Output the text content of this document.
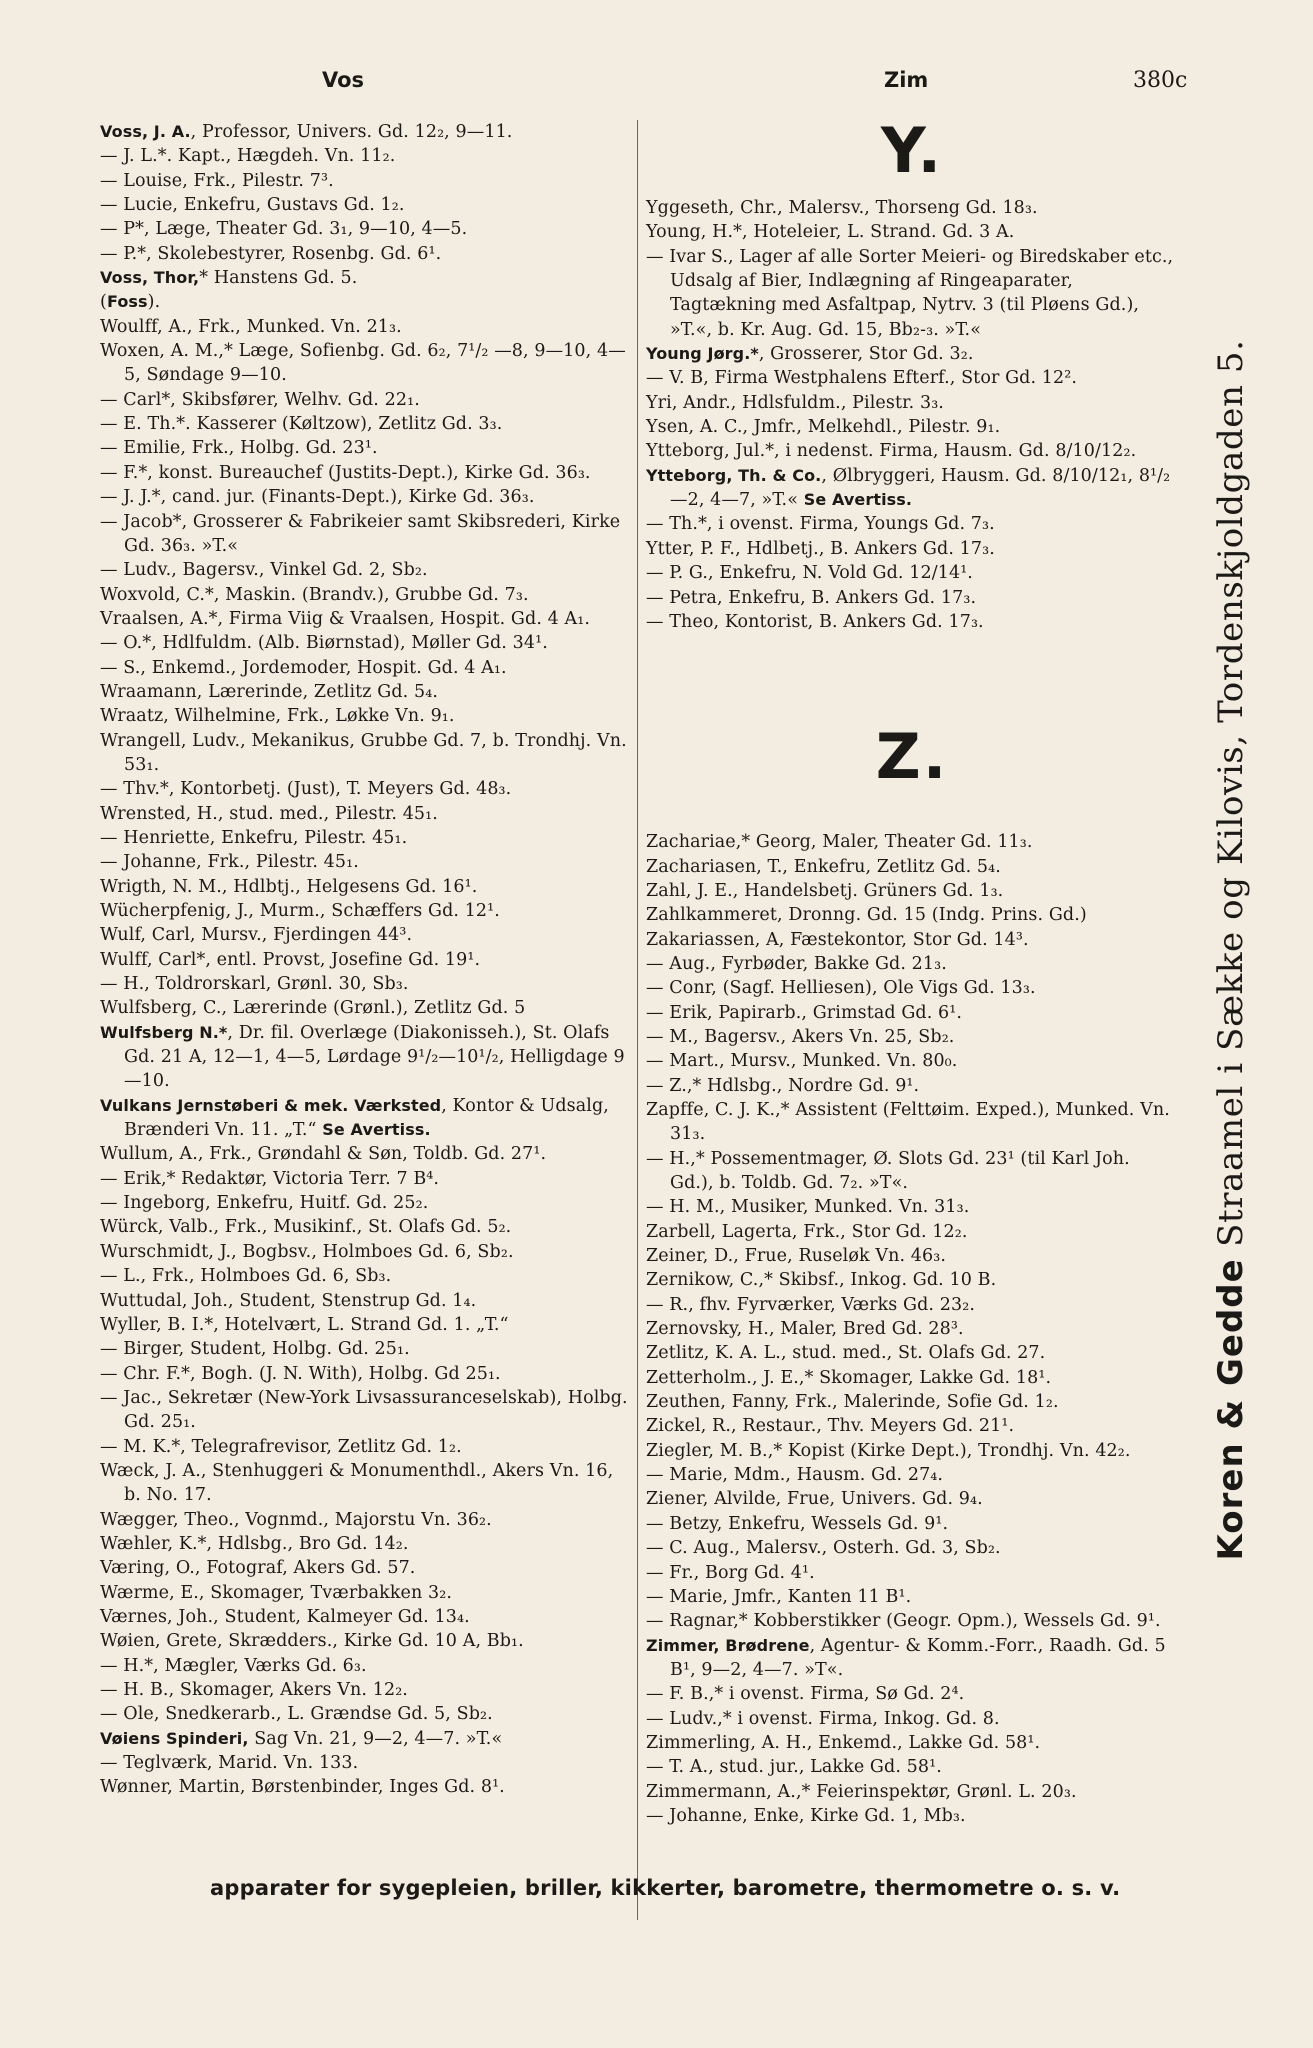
Vos	Zim	380c

Voss, J. A., Professor, Univers. Gd. 12₂, 9—11.

— J. L.*. Kapt., Hægdeh. Vn. 11₂.

— Louise, Frk., Pilestr. 7³.

— Lucie, Enkefru, Gustavs Gd. 1₂.

— P*, Læge, Theater Gd. 3₁, 9—10, 4—5.

— P.*, Skolebestyrer, Rosenbg. Gd. 6¹.

Voss, Thor,* Hanstens Gd. 5.

(Foss).

Woulff, A., Frk., Munked. Vn. 21₃.

Woxen, A. M.,* Læge, Sofienbg. Gd. 6₂, 7¹/₂ —8, 9—10, 4—5, Søndage 9—10.

— Carl*, Skibsfører, Welhv. Gd. 22₁.

— E. Th.*. Kasserer (Køltzow), Zetlitz Gd. 3₃.

— Emilie, Frk., Holbg. Gd. 23¹.

— F.*, konst. Bureauchef (Justits-Dept.), Kirke Gd. 36₃.

— J. J.*, cand. jur. (Finants-Dept.), Kirke Gd. 36₃.

— Jacob*, Grosserer & Fabrikeier samt Skibsrederi, Kirke Gd. 36₃. »T.«

— Ludv., Bagersv., Vinkel Gd. 2, Sb₂.

Woxvold, C.*, Maskin. (Brandv.), Grubbe Gd. 7₃.

Vraalsen, A.*, Firma Viig & Vraalsen, Hospit. Gd. 4 A₁.

— O.*, Hdlfuldm. (Alb. Biørnstad), Møller Gd. 34¹.

— S., Enkemd., Jordemoder, Hospit. Gd. 4 A₁.

Wraamann, Lærerinde, Zetlitz Gd. 5₄.

Wraatz, Wilhelmine, Frk., Løkke Vn. 9₁.

Wrangell, Ludv., Mekanikus, Grubbe Gd. 7, b. Trondhj. Vn. 53₁.

— Thv.*, Kontorbetj. (Just), T. Meyers Gd. 48₃.

Wrensted, H., stud. med., Pilestr. 45₁.

— Henriette, Enkefru, Pilestr. 45₁.

— Johanne, Frk., Pilestr. 45₁.

Wrigth, N. M., Hdlbtj., Helgesens Gd. 16¹.

Wücherpfenig, J., Murm., Schæffers Gd. 12¹.

Wulf, Carl, Mursv., Fjerdingen 44³.

Wulff, Carl*, entl. Provst, Josefine Gd. 19¹.

— H., Toldrorskarl, Grønl. 30, Sb₃.

Wulfsberg, C., Lærerinde (Grønl.), Zetlitz Gd. 5

Wulfsberg N.*, Dr. fil. Overlæge (Diakonisseh.), St. Olafs Gd. 21 A, 12—1, 4—5, Lørdage 9¹/₂—10¹/₂, Helligdage 9—10.

Vulkans Jernstøberi & mek. Værksted, Kontor & Udsalg, Brænderi Vn. 11. „T.“ Se Avertiss.

Wullum, A., Frk., Grøndahl & Søn, Toldb. Gd. 27¹.

— Erik,* Redaktør, Victoria Terr. 7 B⁴.

— Ingeborg, Enkefru, Huitf. Gd. 25₂.

Würck, Valb., Frk., Musikinf., St. Olafs Gd. 5₂.

Wurschmidt, J., Bogbsv., Holmboes Gd. 6, Sb₂.

— L., Frk., Holmboes Gd. 6, Sb₃.

Wuttudal, Joh., Student, Stenstrup Gd. 1₄.

Wyller, B. I.*, Hotelvært, L. Strand Gd. 1. „T.“

— Birger, Student, Holbg. Gd. 25₁.

— Chr. F.*, Bogh. (J. N. With), Holbg. Gd 25₁.

— Jac., Sekretær (New-York Livsassuranceselskab), Holbg. Gd. 25₁.

— M. K.*, Telegrafrevisor, Zetlitz Gd. 1₂.

Wæck, J. A., Stenhuggeri & Monumenthdl., Akers Vn. 16, b. No. 17.

Wægger, Theo., Vognmd., Majorstu Vn. 36₂.

Wæhler, K.*, Hdlsbg., Bro Gd. 14₂.

Væring, O., Fotograf, Akers Gd. 57.

Wærme, E., Skomager, Tværbakken 3₂.

Værnes, Joh., Student, Kalmeyer Gd. 13₄.

Wøien, Grete, Skrædders., Kirke Gd. 10 A, Bb₁.

— H.*, Mægler, Værks Gd. 6₃.

— H. B., Skomager, Akers Vn. 12₂.

— Ole, Snedkerarb., L. Grændse Gd. 5, Sb₂.

Vøiens Spinderi, Sag Vn. 21, 9—2, 4—7. »T.«

— Teglværk, Marid. Vn. 133.

Wønner, Martin, Børstenbinder, Inges Gd. 8¹.

Y.

Yggeseth, Chr., Malersv., Thorseng Gd. 18₃.

Young, H.*, Hoteleier, L. Strand. Gd. 3 A.

— Ivar S., Lager af alle Sorter Meieri- og Biredskaber etc., Udsalg af Bier, Indlægning af Ringeaparater, Tagtækning med Asfaltpap, Nytrv. 3 (til Pløens Gd.), »T.«, b. Kr. Aug. Gd. 15, Bb₂-₃. »T.«

Young Jørg.*, Grosserer, Stor Gd. 3₂.

— V. B, Firma Westphalens Efterf., Stor Gd. 12².

Yri, Andr., Hdlsfuldm., Pilestr. 3₃.

Ysen, A. C., Jmfr., Melkehdl., Pilestr. 9₁.

Ytteborg, Jul.*, i nedenst. Firma, Hausm. Gd. 8/10/12₂.

Ytteborg, Th. & Co., Ølbryggeri, Hausm. Gd. 8/10/12₁, 8¹/₂—2, 4—7, »T.« Se Avertiss.

— Th.*, i ovenst. Firma, Youngs Gd. 7₃.

Ytter, P. F., Hdlbetj., B. Ankers Gd. 17₃.

— P. G., Enkefru, N. Vold Gd. 12/14¹.

— Petra, Enkefru, B. Ankers Gd. 17₃.

— Theo, Kontorist, B. Ankers Gd. 17₃.

Z.

Zachariae,* Georg, Maler, Theater Gd. 11₃.

Zachariasen, T., Enkefru, Zetlitz Gd. 5₄.

Zahl, J. E., Handelsbetj. Grüners Gd. 1₃.

Zahlkammeret, Dronng. Gd. 15 (Indg. Prins. Gd.)

Zakariassen, A, Fæstekontor, Stor Gd. 14³.

— Aug., Fyrbøder, Bakke Gd. 21₃.

— Conr, (Sagf. Helliesen), Ole Vigs Gd. 13₃.

— Erik, Papirarb., Grimstad Gd. 6¹.

— M., Bagersv., Akers Vn. 25, Sb₂.

— Mart., Mursv., Munked. Vn. 80₀.

— Z.,* Hdlsbg., Nordre Gd. 9¹.

Zapffe, C. J. K.,* Assistent (Felttøim. Exped.), Munked. Vn. 31₃.

— H.,* Possementmager, Ø. Slots Gd. 23¹ (til Karl Joh. Gd.), b. Toldb. Gd. 7₂. »T«.

— H. M., Musiker, Munked. Vn. 31₃.

Zarbell, Lagerta, Frk., Stor Gd. 12₂.

Zeiner, D., Frue, Ruseløk Vn. 46₃.

Zernikow, C.,* Skibsf., Inkog. Gd. 10 B.

— R., fhv. Fyrværker, Værks Gd. 23₂.

Zernovsky, H., Maler, Bred Gd. 28³.

Zetlitz, K. A. L., stud. med., St. Olafs Gd. 27.

Zetterholm., J. E.,* Skomager, Lakke Gd. 18¹.

Zeuthen, Fanny, Frk., Malerinde, Sofie Gd. 1₂.

Zickel, R., Restaur., Thv. Meyers Gd. 21¹.

Ziegler, M. B.,* Kopist (Kirke Dept.), Trondhj. Vn. 42₂.

— Marie, Mdm., Hausm. Gd. 27₄.

Ziener, Alvilde, Frue, Univers. Gd. 9₄.

— Betzy, Enkefru, Wessels Gd. 9¹.

— C. Aug., Malersv., Osterh. Gd. 3, Sb₂.

— Fr., Borg Gd. 4¹.

— Marie, Jmfr., Kanten 11 B¹.

— Ragnar,* Kobberstikker (Geogr. Opm.), Wessels Gd. 9¹.

Zimmer, Brødrene, Agentur- & Komm.-Forr., Raadh. Gd. 5 B¹, 9—2, 4—7. »T«.

— F. B.,* i ovenst. Firma, Sø Gd. 2⁴.

— Ludv.,* i ovenst. Firma, Inkog. Gd. 8.

Zimmerling, A. H., Enkemd., Lakke Gd. 58¹.

— T. A., stud. jur., Lakke Gd. 58¹.

Zimmermann, A.,* Feierinspektør, Grønl. L. 20₃.

— Johanne, Enke, Kirke Gd. 1, Mb₃.

Koren & Gedde Straamel i Sække og Kilovis, Tordenskjoldgaden 5.
apparater for sygepleien, briller, kikkerter, barometre, thermometre o. s. v.
